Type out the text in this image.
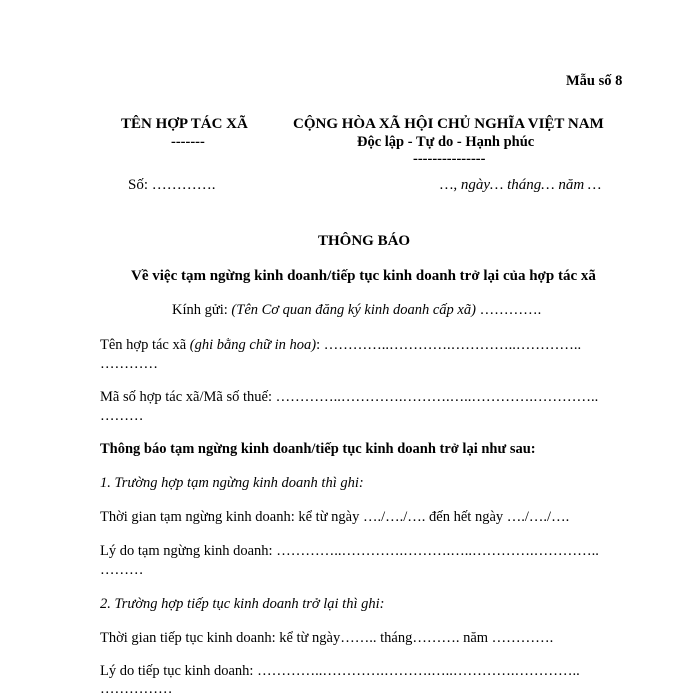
Mẫu số 8
TÊN HỢP TÁC XÃ
-------
Số: ………….
CỘNG HÒA XÃ HỘI CHỦ NGHĨA VIỆT NAM
Độc lập - Tự do - Hạnh phúc
---------------
…, ngày… tháng… năm …
THÔNG BÁO
Về việc tạm ngừng kinh doanh/tiếp tục kinh doanh trở lại của hợp tác xã
Kính gửi: (Tên Cơ quan đăng ký kinh doanh cấp xã) ………….
Tên hợp tác xã (ghi bằng chữ in hoa): …………..………….…………..…………..
…………
Mã số hợp tác xã/Mã số thuế: …………..………….……….…..………….…………..
………
Thông báo tạm ngừng kinh doanh/tiếp tục kinh doanh trở lại như sau:
1. Trường hợp tạm ngừng kinh doanh thì ghi:
Thời gian tạm ngừng kinh doanh: kể từ ngày …./…./…. đến hết ngày …./…./….
Lý do tạm ngừng kinh doanh: …………..………….……….…..………….…………..
………
2. Trường hợp tiếp tục kinh doanh trở lại thì ghi:
Thời gian tiếp tục kinh doanh: kể từ ngày…….. tháng………. năm ………….
Lý do tiếp tục kinh doanh: …………..………….……….…..………….…………..
……………
